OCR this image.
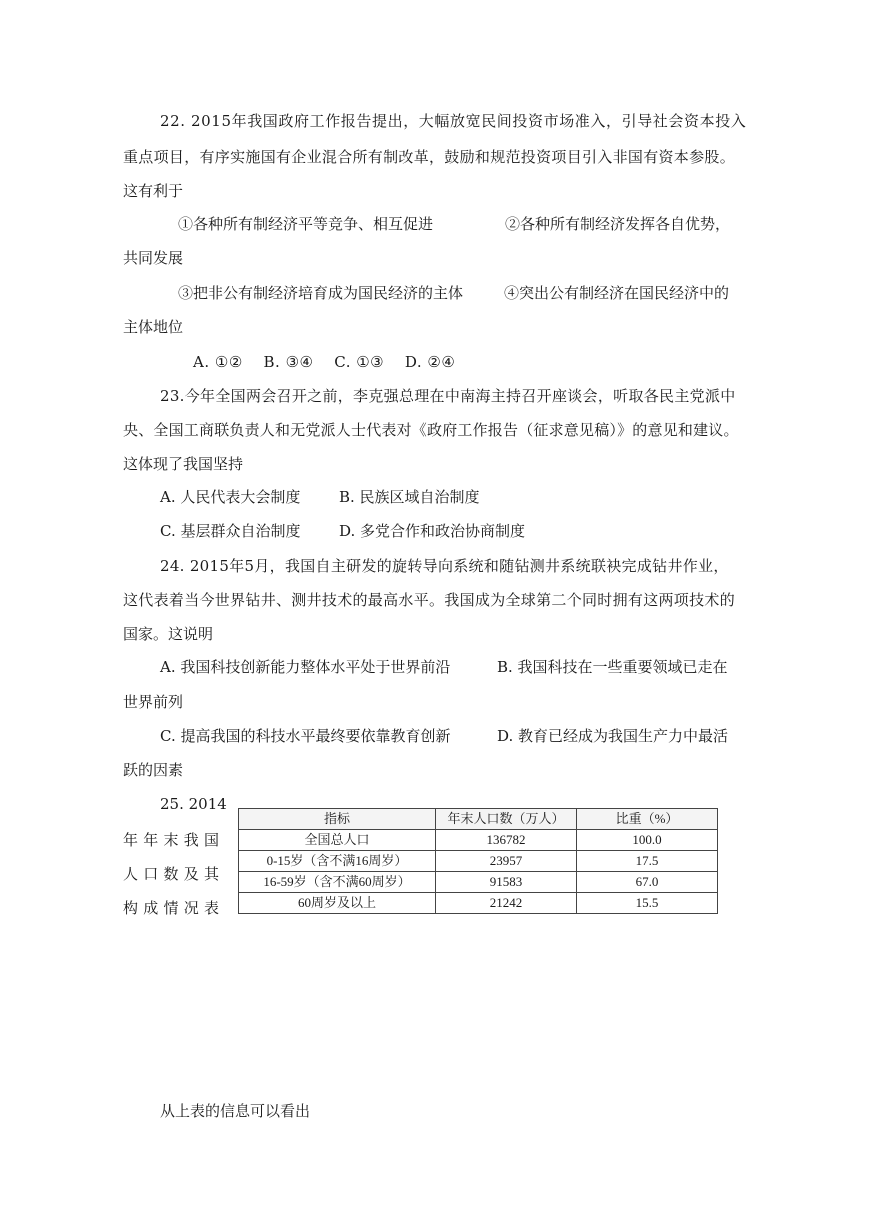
22. 2015年我国政府工作报告提出，大幅放宽民间投资市场准入，引导社会资本投入
重点项目，有序实施国有企业混合所有制改革，鼓励和规范投资项目引入非国有资本参股。
这有利于
①各种所有制经济平等竞争、相互促进	②各种所有制经济发挥各自优势，
共同发展
③把非公有制经济培育成为国民经济的主体	④突出公有制经济在国民经济中的
主体地位
A. ①②　 B. ③④　 C. ①③　 D. ②④
23.今年全国两会召开之前，李克强总理在中南海主持召开座谈会，听取各民主党派中
央、全国工商联负责人和无党派人士代表对《政府工作报告（征求意见稿）》的意见和建议。
这体现了我国坚持
A. 人民代表大会制度	B. 民族区域自治制度
C. 基层群众自治制度	D. 多党合作和政治协商制度
24. 2015年5月，我国自主研发的旋转导向系统和随钻测井系统联袂完成钻井作业，
这代表着当今世界钻井、测井技术的最高水平。我国成为全球第二个同时拥有这两项技术的
国家。这说明
A. 我国科技创新能力整体水平处于世界前沿	B. 我国科技在一些重要领域已走在
世界前列
C. 提高我国的科技水平最终要依靠教育创新	D. 教育已经成为我国生产力中最活
跃的因素
25. 2014
年年末我国
人口数及其
构成情况表
指标	年末人口数（万人）	比重（%）
全国总人口	136782	100.0
0-15岁（含不满16周岁）	23957	17.5
16-59岁（含不满60周岁）	91583	67.0
60周岁及以上	21242	15.5
从上表的信息可以看出
